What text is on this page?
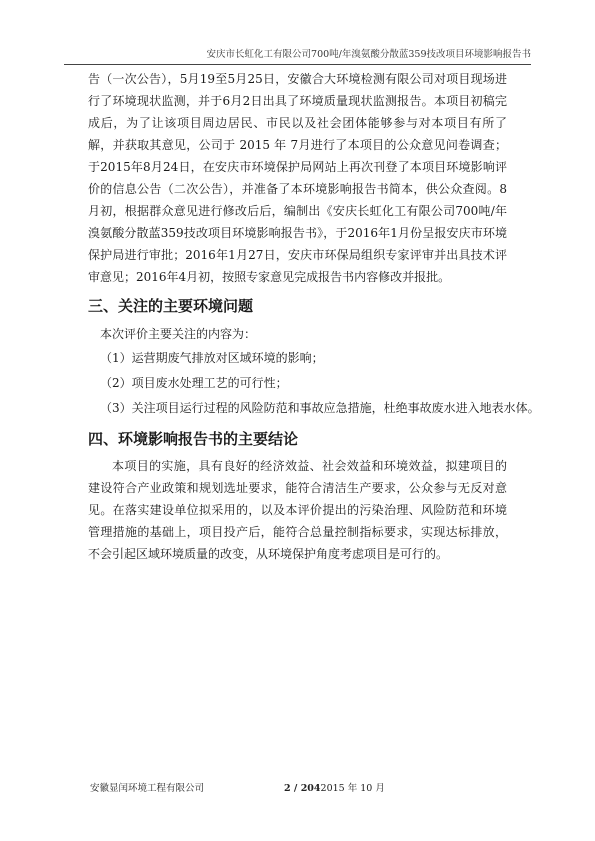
安庆市长虹化工有限公司700吨/年溴氨酸分散蓝359技改项目环境影响报告书

告（一次公告），5月19至5月25日，安徽合大环境检测有限公司对项目现场进行了环境现状监测，并于6月2日出具了环境质量现状监测报告。本项目初稿完成后，为了让该项目周边居民、市民以及社会团体能够参与对本项目有所了解，并获取其意见，公司于 2015 年 7月进行了本项目的公众意见问卷调查；于2015年8月24日，在安庆市环境保护局网站上再次刊登了本项目环境影响评价的信息公告（二次公告），并准备了本环境影响报告书简本，供公众查阅。8月初，根据群众意见进行修改后后，编制出《安庆长虹化工有限公司700吨/年溴氨酸分散蓝359技改项目环境影响报告书》，于2016年1月份呈报安庆市环境保护局进行审批；2016年1月27日，安庆市环保局组织专家评审并出具技术评审意见；2016年4月初，按照专家意见完成报告书内容修改并报批。

三、关注的主要环境问题

本次评价主要关注的内容为：

（1）运营期废气排放对区域环境的影响；

（2）项目废水处理工艺的可行性；

（3）关注项目运行过程的风险防范和事故应急措施，杜绝事故废水进入地表水体。

四、环境影响报告书的主要结论

本项目的实施，具有良好的经济效益、社会效益和环境效益，拟建项目的建设符合产业政策和规划选址要求，能符合清洁生产要求，公众参与无反对意见。在落实建设单位拟采用的，以及本评价提出的污染治理、风险防范和环境管理措施的基础上，项目投产后，能符合总量控制指标要求，实现达标排放，不会引起区域环境质量的改变，从环境保护角度考虑项目是可行的。

安徽显闰环境工程有限公司	2 / 2042015 年 10 月
